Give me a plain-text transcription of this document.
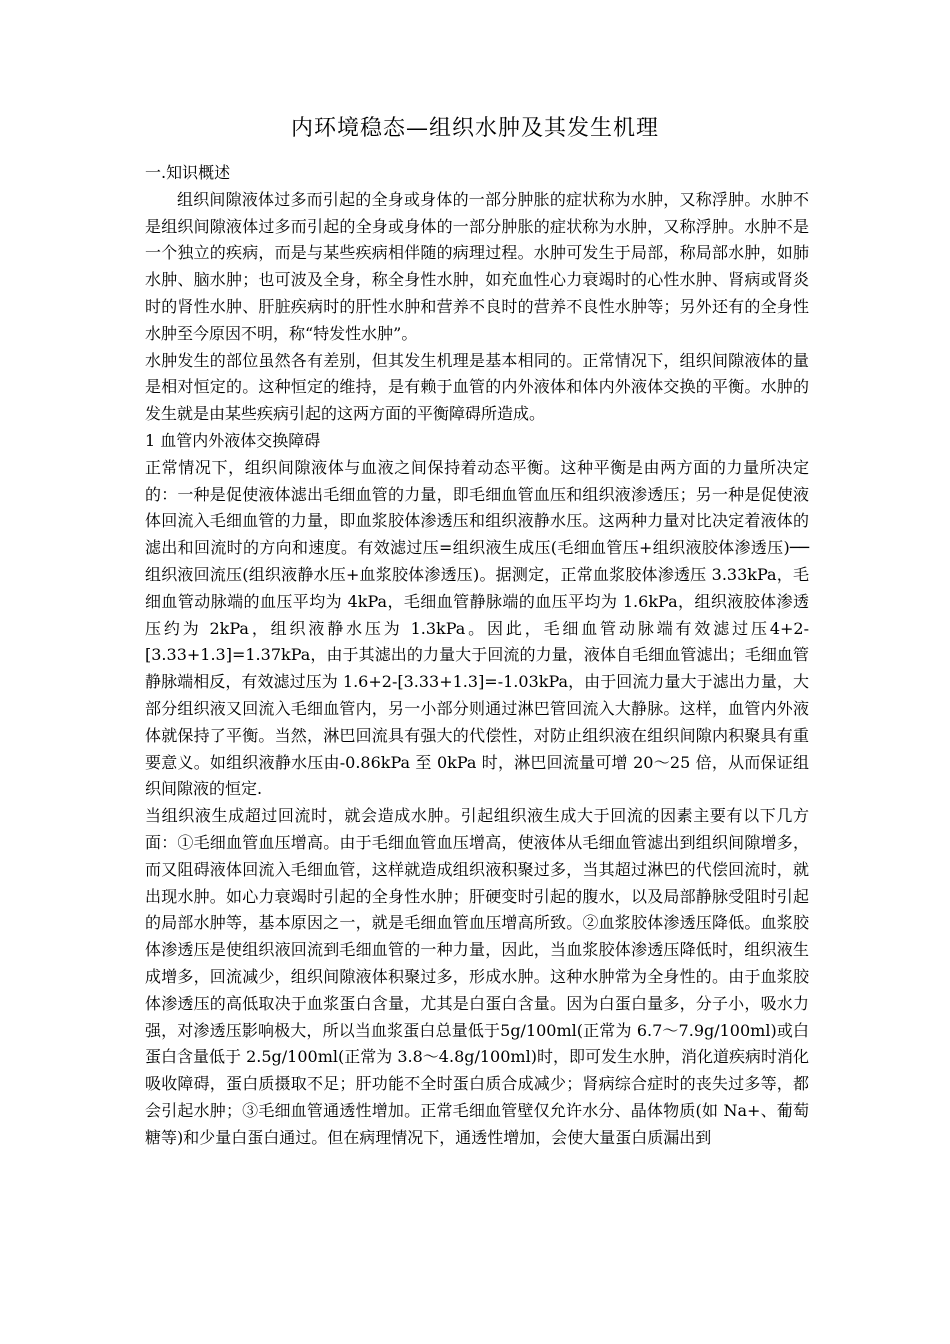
内环境稳态—组织水肿及其发生机理

一.知识概述

组织间隙液体过多而引起的全身或身体的一部分肿胀的症状称为水肿，又称浮肿。水肿不是组织间隙液体过多而引起的全身或身体的一部分肿胀的症状称为水肿，又称浮肿。水肿不是一个独立的疾病，而是与某些疾病相伴随的病理过程。水肿可发生于局部，称局部水肿，如肺水肿、脑水肿；也可波及全身，称全身性水肿，如充血性心力衰竭时的心性水肿、肾病或肾炎时的肾性水肿、肝脏疾病时的肝性水肿和营养不良时的营养不良性水肿等；另外还有的全身性水肿至今原因不明，称“特发性水肿”。

水肿发生的部位虽然各有差别，但其发生机理是基本相同的。正常情况下，组织间隙液体的量是相对恒定的。这种恒定的维持，是有赖于血管的内外液体和体内外液体交换的平衡。水肿的发生就是由某些疾病引起的这两方面的平衡障碍所造成。

1 血管内外液体交换障碍

正常情况下，组织间隙液体与血液之间保持着动态平衡。这种平衡是由两方面的力量所决定的：一种是促使液体滤出毛细血管的力量，即毛细血管血压和组织液渗透压；另一种是促使液体回流入毛细血管的力量，即血浆胶体渗透压和组织液静水压。这两种力量对比决定着液体的滤出和回流时的方向和速度。有效滤过压=组织液生成压(毛细血管压+组织液胶体渗透压)──组织液回流压(组织液静水压+血浆胶体渗透压)。据测定，正常血浆胶体渗透压 3.33kPa，毛细血管动脉端的血压平均为 4kPa，毛细血管静脉端的血压平均为 1.6kPa，组织液胶体渗透压约为 2kPa，组织液静水压为 1.3kPa。因此，毛细血管动脉端有效滤过压4+2-[3.33+1.3]=1.37kPa，由于其滤出的力量大于回流的力量，液体自毛细血管滤出；毛细血管静脉端相反，有效滤过压为 1.6+2-[3.33+1.3]=-1.03kPa，由于回流力量大于滤出力量，大部分组织液又回流入毛细血管内，另一小部分则通过淋巴管回流入大静脉。这样，血管内外液体就保持了平衡。当然，淋巴回流具有强大的代偿性，对防止组织液在组织间隙内积聚具有重要意义。如组织液静水压由-0.86kPa 至 0kPa 时，淋巴回流量可增 20～25 倍，从而保证组织间隙液的恒定.

当组织液生成超过回流时，就会造成水肿。引起组织液生成大于回流的因素主要有以下几方面：①毛细血管血压增高。由于毛细血管血压增高，使液体从毛细血管滤出到组织间隙增多，而又阻碍液体回流入毛细血管，这样就造成组织液积聚过多，当其超过淋巴的代偿回流时，就出现水肿。如心力衰竭时引起的全身性水肿；肝硬变时引起的腹水，以及局部静脉受阻时引起的局部水肿等，基本原因之一，就是毛细血管血压增高所致。②血浆胶体渗透压降低。血浆胶体渗透压是使组织液回流到毛细血管的一种力量，因此，当血浆胶体渗透压降低时，组织液生成增多，回流减少，组织间隙液体积聚过多，形成水肿。这种水肿常为全身性的。由于血浆胶体渗透压的高低取决于血浆蛋白含量，尤其是白蛋白含量。因为白蛋白量多，分子小，吸水力强，对渗透压影响极大，所以当血浆蛋白总量低于5g/100ml(正常为 6.7～7.9g/100ml)或白蛋白含量低于 2.5g/100ml(正常为 3.8～4.8g/100ml)时，即可发生水肿，消化道疾病时消化吸收障碍，蛋白质摄取不足；肝功能不全时蛋白质合成减少；肾病综合症时的丧失过多等，都会引起水肿；③毛细血管通透性增加。正常毛细血管壁仅允许水分、晶体物质(如 Na+、葡萄糖等)和少量白蛋白通过。但在病理情况下，通透性增加，会使大量蛋白质漏出到
